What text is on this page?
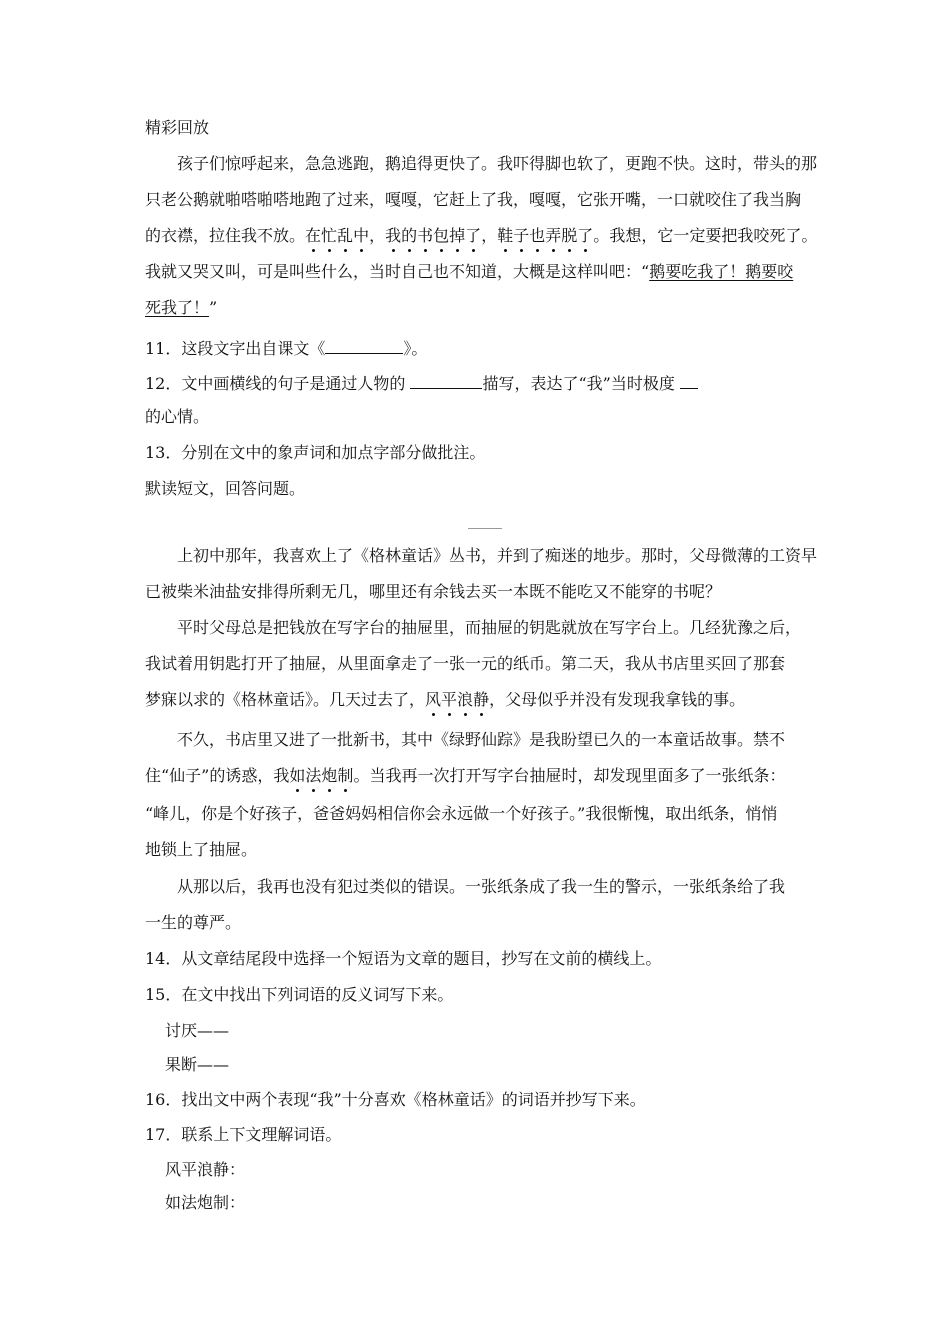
精彩回放
孩子们惊呼起来，急急逃跑，鹅追得更快了。我吓得脚也软了，更跑不快。这时，带头的那
只老公鹅就啪嗒啪嗒地跑了过来，嘎嘎，它赶上了我，嘎嘎，它张开嘴，一口就咬住了我当胸
的衣襟，拉住我不放。在忙乱中，我的书包掉了，鞋子也弄脱了。我想，它一定要把我咬死了。
我就又哭又叫，可是叫些什么，当时自己也不知道，大概是这样叫吧：“鹅要吃我了！鹅要咬
死我了！”
11．这段文字出自课文《	》。
12．文中画横线的句子是通过人物的	描写，表达了“我”当时极度
的心情。
13．分别在文中的象声词和加点字部分做批注。
默读短文，回答问题。
上初中那年，我喜欢上了《格林童话》丛书，并到了痴迷的地步。那时，父母微薄的工资早
已被柴米油盐安排得所剩无几，哪里还有余钱去买一本既不能吃又不能穿的书呢？
平时父母总是把钱放在写字台的抽屉里，而抽屉的钥匙就放在写字台上。几经犹豫之后，
我试着用钥匙打开了抽屉，从里面拿走了一张一元的纸币。第二天，我从书店里买回了那套
梦寐以求的《格林童话》。几天过去了，风平浪静，父母似乎并没有发现我拿钱的事。
不久，书店里又进了一批新书，其中《绿野仙踪》是我盼望已久的一本童话故事。禁不
住“仙子”的诱惑，我如法炮制。当我再一次打开写字台抽屉时，却发现里面多了一张纸条：
“峰儿，你是个好孩子，爸爸妈妈相信你会永远做一个好孩子。”我很惭愧，取出纸条，悄悄
地锁上了抽屉。
从那以后，我再也没有犯过类似的错误。一张纸条成了我一生的警示，一张纸条给了我
一生的尊严。
14．从文章结尾段中选择一个短语为文章的题目，抄写在文前的横线上。
15．在文中找出下列词语的反义词写下来。
讨厌——
果断——
16．找出文中两个表现“我”十分喜欢《格林童话》的词语并抄写下来。
17．联系上下文理解词语。
风平浪静：
如法炮制：
